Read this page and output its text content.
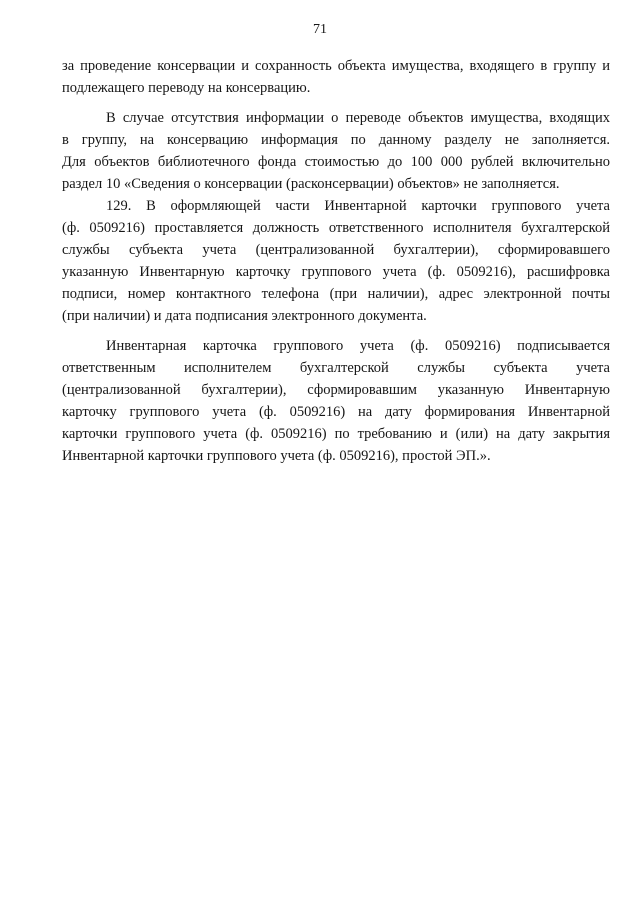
71
за проведение консервации и сохранность объекта имущества, входящего в группу и
подлежащего переводу на консервацию.
В случае отсутствия информации о переводе объектов имущества, входящих
в группу, на консервацию информация по данному разделу не заполняется.
Для объектов библиотечного фонда стоимостью до 100 000 рублей включительно
раздел 10 «Сведения о консервации (расконсервации) объектов» не заполняется.
129. В оформляющей части Инвентарной карточки группового учета
(ф. 0509216) проставляется должность ответственного исполнителя бухгалтерской
службы субъекта учета (централизованной бухгалтерии), сформировавшего
указанную Инвентарную карточку группового учета (ф. 0509216), расшифровка
подписи, номер контактного телефона (при наличии), адрес электронной почты
(при наличии) и дата подписания электронного документа.
Инвентарная карточка группового учета (ф. 0509216) подписывается
ответственным исполнителем бухгалтерской службы субъекта учета
(централизованной бухгалтерии), сформировавшим указанную Инвентарную
карточку группового учета (ф. 0509216) на дату формирования Инвентарной
карточки группового учета (ф. 0509216) по требованию и (или) на дату закрытия
Инвентарной карточки группового учета (ф. 0509216), простой ЭП.».
